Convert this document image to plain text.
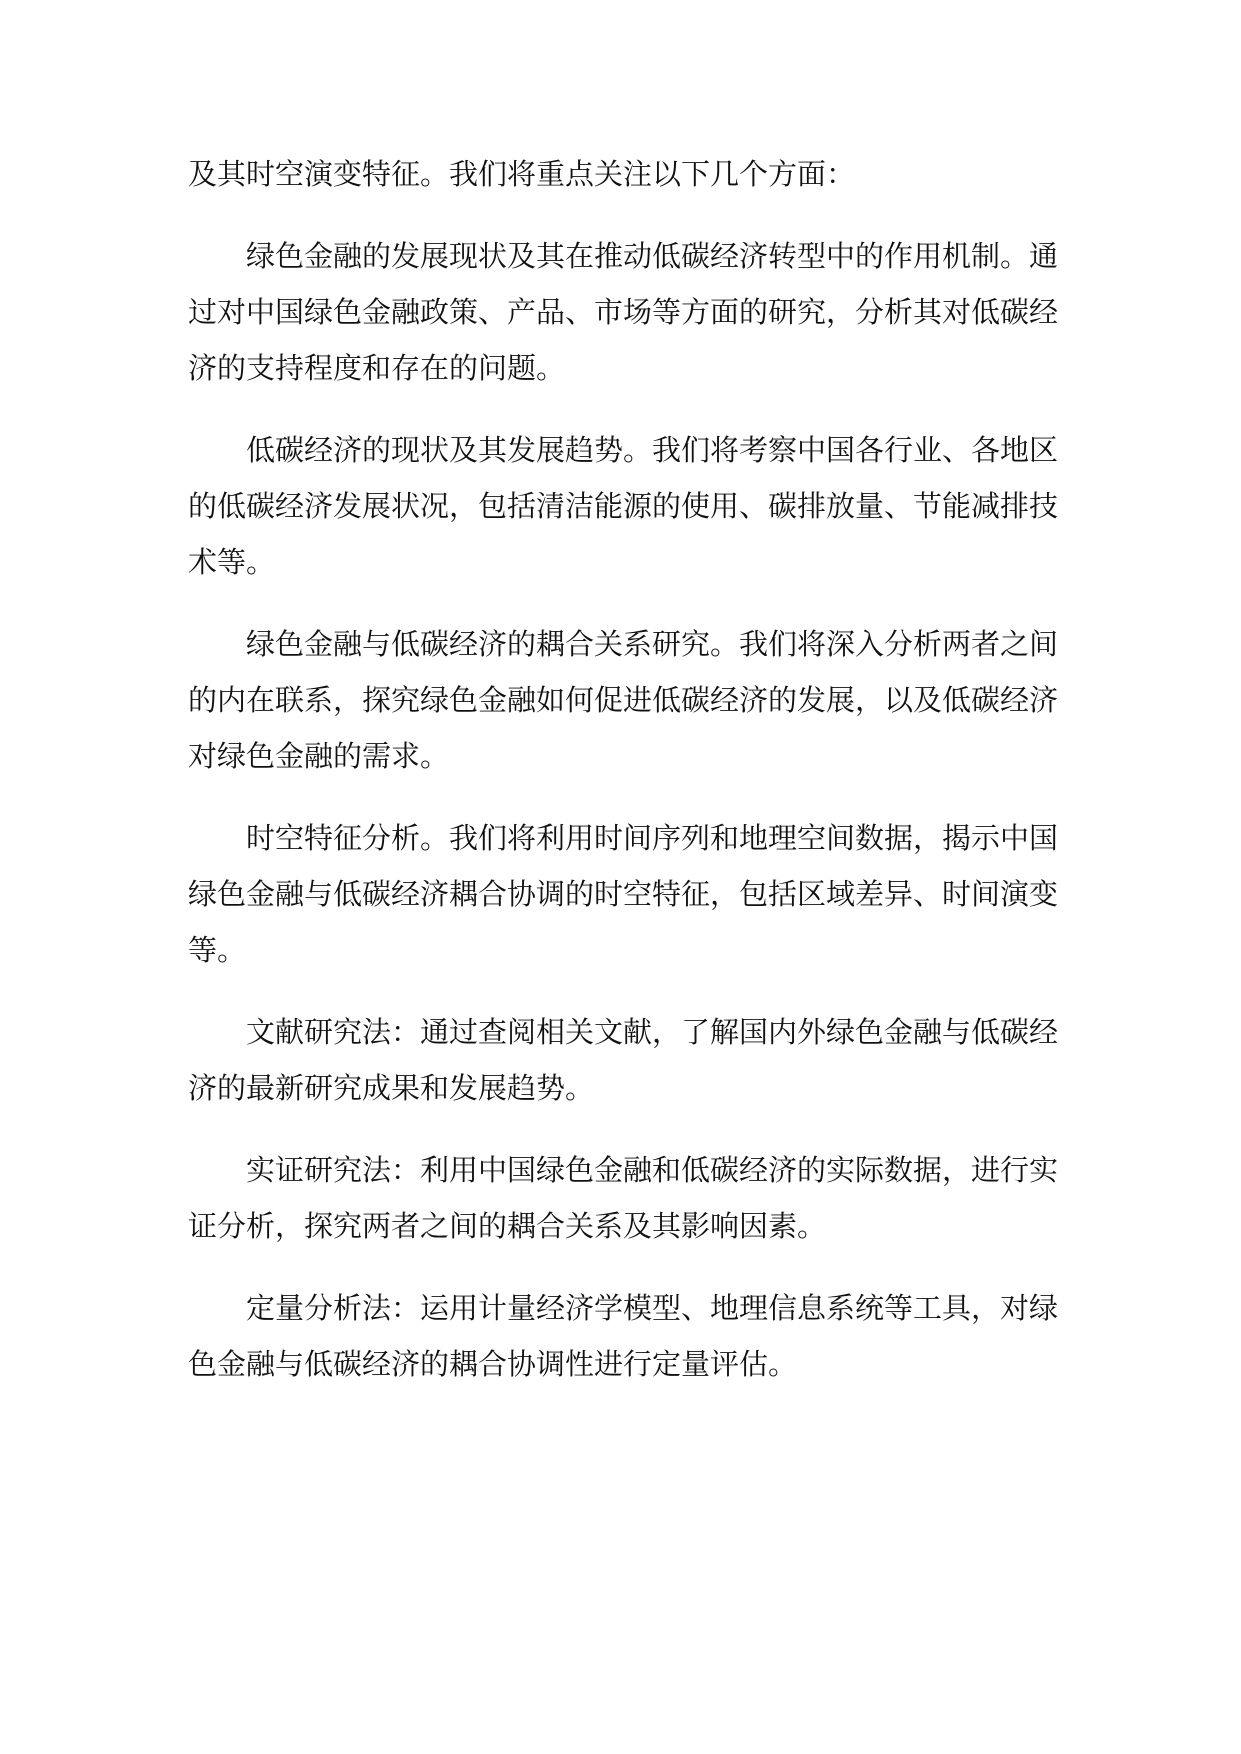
及其时空演变特征。我们将重点关注以下几个方面：

绿色金融的发展现状及其在推动低碳经济转型中的作用机制。通过对中国绿色金融政策、产品、市场等方面的研究，分析其对低碳经济的支持程度和存在的问题。

低碳经济的现状及其发展趋势。我们将考察中国各行业、各地区的低碳经济发展状况，包括清洁能源的使用、碳排放量、节能减排技术等。

绿色金融与低碳经济的耦合关系研究。我们将深入分析两者之间的内在联系，探究绿色金融如何促进低碳经济的发展，以及低碳经济对绿色金融的需求。

时空特征分析。我们将利用时间序列和地理空间数据，揭示中国绿色金融与低碳经济耦合协调的时空特征，包括区域差异、时间演变等。

文献研究法：通过查阅相关文献，了解国内外绿色金融与低碳经济的最新研究成果和发展趋势。

实证研究法：利用中国绿色金融和低碳经济的实际数据，进行实证分析，探究两者之间的耦合关系及其影响因素。

定量分析法：运用计量经济学模型、地理信息系统等工具，对绿色金融与低碳经济的耦合协调性进行定量评估。
